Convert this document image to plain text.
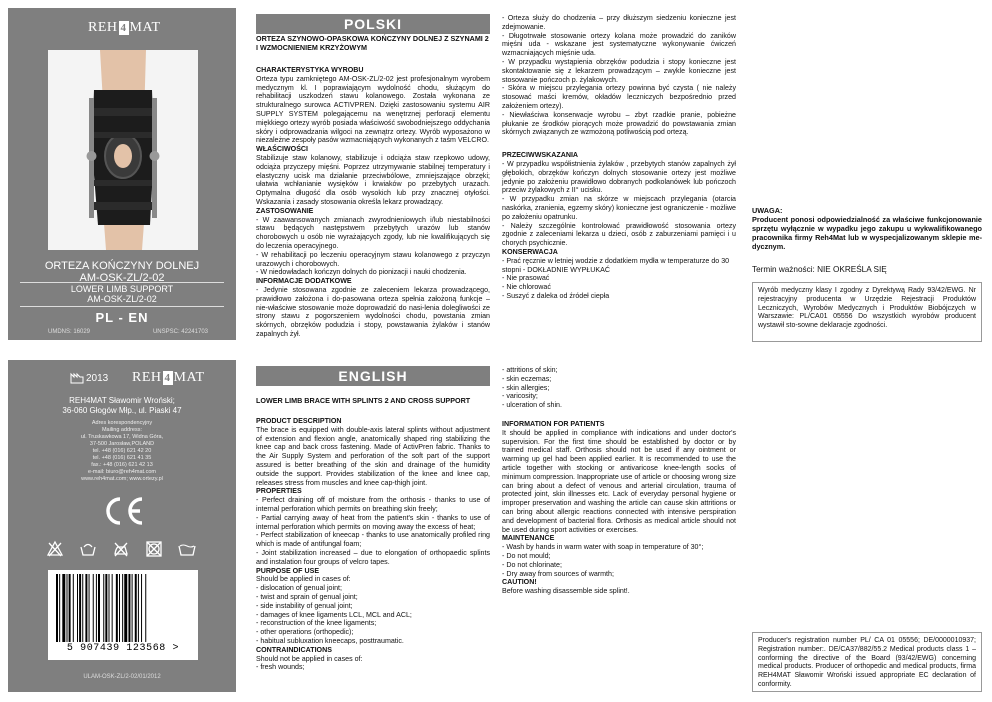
REH 4 MAT
ORTEZA KOŃCZYNY DOLNEJ
AM-OSK-ZL/2-02
LOWER LIMB SUPPORT
AM-OSK-ZL/2-02
PL - EN
UMDNS: 16029	UNSPSC: 42241703
2013 REH 4 MAT
REH4MAT Sławomir Wroński;
36-060 Głogów Młp., ul. Piaski 47
Adres korespondencyjny
Mailing address:
ul. Truskawkowa 17, Widna Góra,
37-500 Jarosław,POLAND
tel. +48 (016) 621 42 20
tel. +48 (016) 621 41 35
fax.: +48 (016) 621 42 13
e-mail: biuro@reh4mat.com
www.reh4mat.com; www.ortezy.pl
5 907439 123568 >
ULAM-OSK-ZL/2-02/01/2012
POLSKI

ORTEZA SZYNOWO-OPASKOWA KOŃCZYNY DOLNEJ Z SZYNAMI 2 I WZMOCNIENIEM KRZYŻOWYM

CHARAKTERYSTYKA WYROBU

Orteza typu zamkniętego AM-OSK-ZL/2-02 jest profesjonalnym wyrobem medycznym kl. I poprawiającym wydolność chodu, służącym do rehabilitacji uszkodzeń stawu kolanowego. Została wykonana ze strukturalnego surowca ACTIVPREN. Dzięki zastosowaniu systemu AIR SUPPLY SYSTEM polegającemu na wenętrznej perforacji elementu miękkiego ortezy wyrób posiada właściwość swobodniejszego oddychania skóry i odprowadzania wilgoci na zewnątrz ortezy. Wyrób wyposażono w niezależne zespoły pasów wzmacniających wykonanych z taśm VELCRO.

WŁAŚCIWOŚCI

Stabilizuje staw kolanowy, stabilizuje i odciąża staw rzepkowo udowy, odciąża przyczepy mięśni. Poprzez utrzymywanie stabilnej temperatury i elastyczny ucisk ma działanie przeciwbólowe, zmniejszające obrzęki; ułatwia wchłanianie wysięków i krwiaków po przebytych urazach. Optymalna długość dla osób wysokich lub przy znacznej otyłości. Wskazania i zasady stosowania określa lekarz prowadzący.

ZASTOSOWANIE

- W zaawansowanych zmianach zwyrodnieniowych i/lub niestabilności stawu będących następstwem przebytych urazów lub stanów chorobowych u osób nie wyrażających zgody, lub nie kwalifikujących się do leczenia operacyjnego.

- W rehabilitacji po leczeniu operacyjnym stawu kolanowego z przyczyn urazowych i chorobowych.

- W niedowładach kończyn dolnych do pionizacji i nauki chodzenia.

INFORMACJE DODATKOWE

- Jedynie stosowana zgodnie ze zaleceniem lekarza prowadzącego, prawidłowo założona i do-pasowana orteza spełnia założoną funkcje – nie-właściwe stosowanie może doprowadzić do nasi-lenia dolegliwości ze strony stawu z pogorszeniem wydolności chodu, powstania zmian skórnych, obrzęków podudzia i stopy, powstawania żylaków i stanów zapalnych żył.

- Orteza służy do chodzenia – przy dłuższym siedzeniu konieczne jest zdejmowanie.

- Długotrwałe stosowanie ortezy kolana może prowadzić do zaników mięśni uda - wskazane jest systematyczne wykonywanie ćwiczeń wzmacniających mięśnie uda.

- W przypadku wystąpienia obrzęków podudzia i stopy konieczne jest skontaktowanie się z lekarzem prowadzącym – zwykle konieczne jest stosowanie pończoch p. żylakowych.

- Skóra w miejscu przylegania ortezy powinna być czysta ( nie należy stosować maści kremów, okładów leczniczych bezpośrednio przed założeniem ortezy).

- Niewłaściwa konserwacje wyrobu – zbyt rzadkie pranie, pobieżne płukanie ze środków piorących może prowadzić do powstawania zmian skórnych związanych ze wzmożoną potliwością pod ortezą.

PRZECIWWSKAZANIA

- W przypadku współistnienia żylaków , przebytych stanów zapalnych żył głębokich, obrzęków kończyn dolnych stosowanie ortezy jest możliwe jedynie po założeniu prawidłowo dobranych podkolanówek lub pończoch przeciw żylakowych z II° ucisku.

- W przypadku zmian na skórze w miejscach przylegania (otarcia naskórka, zranienia, egzemy skóry) konieczne jest ograniczenie - możliwe po założeniu opatrunku.

- Należy szczególnie kontrolować prawidłowość stosowania ortezy zgodnie z zaleceniami lekarza u dzieci, osób z zaburzeniami pamięci i u chorych psychicznie.

KONSERWACJA

- Prać ręcznie w letniej wodzie z dodatkiem mydła w temperaturze do 30 stopni - DOKŁADNIE WYPŁUKAĆ

- Nie prasować

- Nie chlorować

- Suszyć z daleka od źródeł ciepła

UWAGA:
Producent ponosi odpowiedzialność za właściwe funkcjonowanie sprzętu wyłącznie w wypadku jego zakupu u wykwalifikowanego pracownika firmy Reh4Mat lub w wyspecjalizowanym sklepie me-dycznym.
Termin ważności: NIE OKREŚLA SIĘ
Wyrób medyczny klasy I zgodny z Dyrektywą Rady 93/42/EWG. Nr rejestracyjny producenta w Urzędzie Rejestracji Produktów Leczniczych, Wyrobów Medycznych i Produktów Biobójczych w Warszawie: PL/CA01 05556 Do wszystkich wyrobów producent wystawił sto-sowne deklaracje zgodności.
ENGLISH

LOWER LIMB BRACE WITH SPLINTS 2 AND CROSS SUPPORT

PRODUCT DESCRIPTION

The brace is equipped with double-axis lateral splints without adjustment of extension and flexion angle, anatomically shaped ring stabilizing the knee cap and back cross fastening. Made of ActivPren fabric. Thanks to the Air Supply System and perforation of the soft part of the support assured is better breathing of the skin and drainage of the humidity outside the support. Provides stabilization of the knee and knee cap, releases stress from muscles and knee cap-thigh joint.

PROPERTIES

- Perfect draining off of moisture from the orthosis - thanks to use of internal perforation which permits on breathing skin freely;

- Partial carrying away of heat from the patient's skin - thanks to use of internal perforation which permits on moving away the excess of heat;

- Perfect stabilization of kneecap - thanks to use anatomically profiled ring which is made of antifungal foam;

- Joint stabilization increased – due to elongation of orthopaedic splints and instalation four groups of velcro tapes.

PURPOSE OF USE

Should be applied in cases of:

- dislocation of genual joint;

- twist and sprain of genual joint;

- side instability of genual joint;

- damages of knee ligaments LCL, MCL and ACL;

- reconstruction of the knee ligaments;

- other operations (orthopedic);

- habitual subluxation kneecaps, posttraumatic.

CONTRAINDICATIONS

Should not be applied in cases of:

- fresh wounds;

- attritions of skin;

- skin eczemas;

- skin allergies;

- varicosity;

- ulceration of shin.

INFORMATION FOR PATIENTS

It should be applied in compliance with indications and under doctor's supervision. For the first time should be established by doctor or by trained medical staff. Orthosis should not be used if any ointment or warming up gel had been applied earlier. It is recommended to use the article together with stocking or antivaricose knee-length socks of minimum compression. Inappropriate use of article or choosing wrong size can bring about a defect of venous and arterial circulation, trauma of protected joint, skin illnesses etc. Lack of everyday personal hygiene or improper preservation and washing the article can cause skin attritions or can bring about allergic reactions connected with intensive perspiration and development of bacterial flora. Orthosis as medical article should not be used during sport activities or exercises.

MAINTENANCE

- Wash by hands in warm water with soap in temperature of 30°;

- Do not mould;

- Do not chlorinate;

- Dry away from sources of warmth;

CAUTION!

Before washing disassemble side splint!.

Producer's registration number PL/ CA 01 05556; DE/0000010937; Registration number:. DE/CA37/882/55.2 Medical products class 1 – conforming the directive of the Board (93/42/EWG) concerning medical products. Producer of orthopedic and medical products, firma REH4MAT Sławomir Wroński issued appropriate EC declaration of conformity.
